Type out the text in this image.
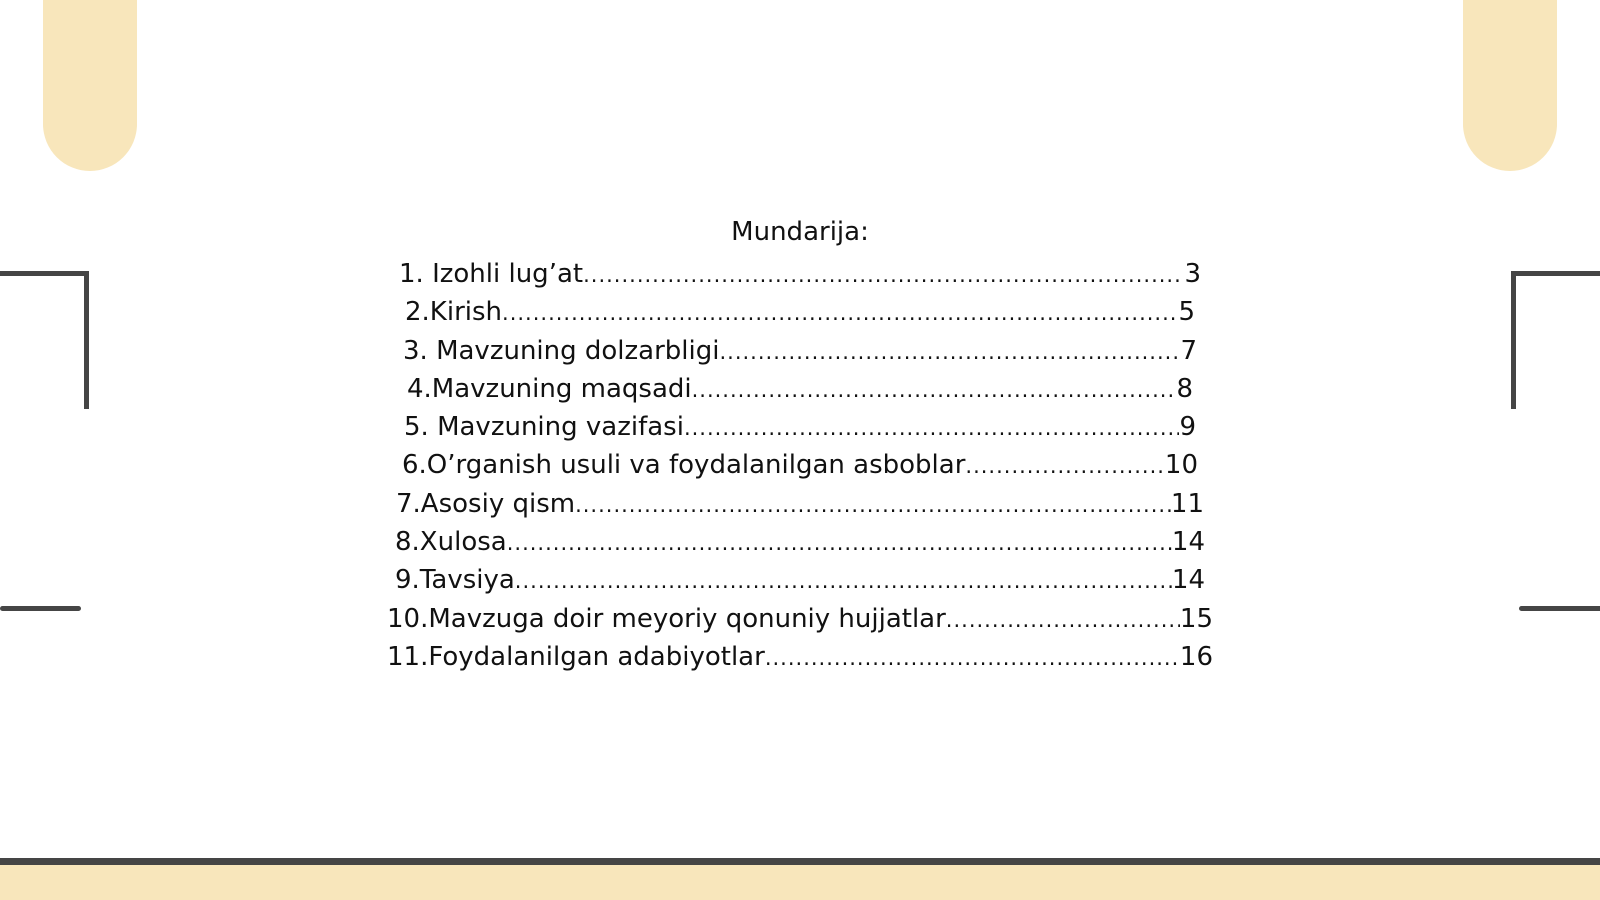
Mundarija:
1. Izohli lug’at .....	3
2.Kirish .....	5
3. Mavzuning dolzarbligi .....	7
4.Mavzuning maqsadi .....	8
5. Mavzuning vazifasi .....	9
6.O’rganish usuli va foydalanilgan asboblar .....	10
7.Asosiy qism .....	11
8.Xulosa .....	14
9.Tavsiya .....	14
10.Mavzuga doir meyoriy qonuniy hujjatlar .....	15
11.Foydalanilgan adabiyotlar .....	16
